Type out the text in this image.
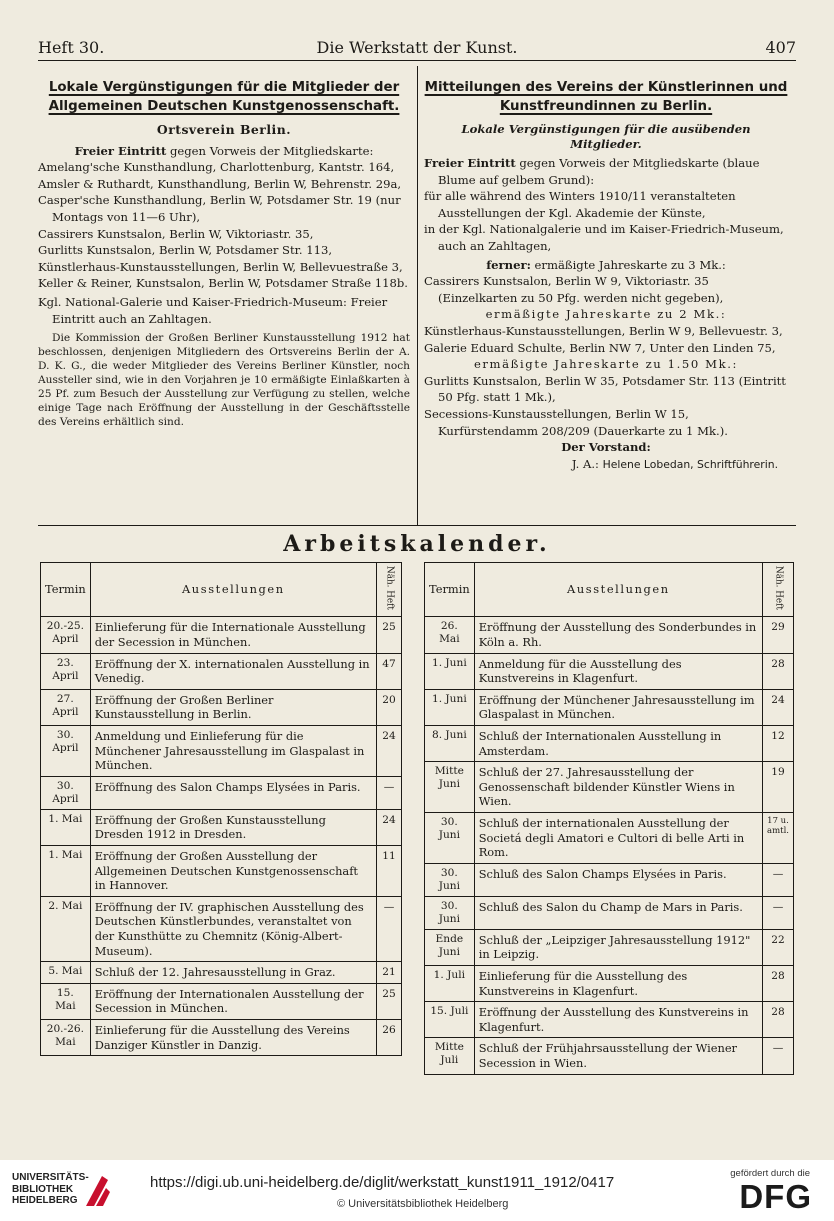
Heft 30.	Die Werkstatt der Kunst.	407

Lokale Vergünstigungen für die Mitglieder der

Allgemeinen Deutschen Kunstgenossenschaft.

Ortsverein Berlin.

Freier Eintritt gegen Vorweis der Mitgliedskarte:

Amelang'sche Kunsthandlung, Charlottenburg, Kantstr. 164,

Amsler & Ruthardt, Kunsthandlung, Berlin W, Behrenstr. 29a,

Casper'sche Kunsthandlung, Berlin W, Potsdamer Str. 19 (nur Montags von 11—6 Uhr),

Cassirers Kunstsalon, Berlin W, Viktoriastr. 35,

Gurlitts Kunstsalon, Berlin W, Potsdamer Str. 113,

Künstlerhaus-Kunstausstellungen, Berlin W, Bellevuestraße 3,

Keller & Reiner, Kunstsalon, Berlin W, Potsdamer Straße 118b.

Kgl. National-Galerie und Kaiser-Friedrich-Museum: Freier Eintritt auch an Zahltagen.

Die Kommission der Großen Berliner Kunstausstellung 1912 hat beschlossen, denjenigen Mitgliedern des Ortsvereins Berlin der A. D. K. G., die weder Mitglieder des Vereins Berliner Künstler, noch Aussteller sind, wie in den Vorjahren je 10 ermäßigte Einlaßkarten à 25 Pf. zum Besuch der Ausstellung zur Verfügung zu stellen, welche einige Tage nach Eröffnung der Ausstellung in der Geschäftsstelle des Vereins erhältlich sind.

Mitteilungen des Vereins der Künstlerinnen und

Kunstfreundinnen zu Berlin.

Lokale Vergünstigungen für die ausübenden Mitglieder.

Freier Eintritt gegen Vorweis der Mitgliedskarte (blaue Blume auf gelbem Grund):

für alle während des Winters 1910/11 veranstalteten Ausstellungen der Kgl. Akademie der Künste,

in der Kgl. Nationalgalerie und im Kaiser-Friedrich-Museum, auch an Zahltagen,

ferner: ermäßigte Jahreskarte zu 3 Mk.:

Cassirers Kunstsalon, Berlin W 9, Viktoriastr. 35 (Einzelkarten zu 50 Pfg. werden nicht gegeben),

ermäßigte Jahreskarte zu 2 Mk.:

Künstlerhaus-Kunstausstellungen, Berlin W 9, Bellevuestr. 3,

Galerie Eduard Schulte, Berlin NW 7, Unter den Linden 75,

ermäßigte Jahreskarte zu 1.50 Mk.:

Gurlitts Kunstsalon, Berlin W 35, Potsdamer Str. 113 (Eintritt 50 Pfg. statt 1 Mk.),

Secessions-Kunstausstellungen, Berlin W 15, Kurfürstendamm 208/209 (Dauerkarte zu 1 Mk.).

Der Vorstand:

J. A.: Helene Lobedan, Schriftführerin.

Arbeitskalender.
Termin	Ausstellungen	Näh. Heft
20.-25. April	Einlieferung für die Internationale Ausstellung der Secession in München.	25
23. April	Eröffnung der X. internationalen Ausstellung in Venedig.	47
27. April	Eröffnung der Großen Berliner Kunstausstellung in Berlin.	20
30. April	Anmeldung und Einlieferung für die Münchener Jahresausstellung im Glaspalast in München.	24
30. April	Eröffnung des Salon Champs Elysées in Paris.	—
1. Mai	Eröffnung der Großen Kunstausstellung Dresden 1912 in Dresden.	24
1. Mai	Eröffnung der Großen Ausstellung der Allgemeinen Deutschen Kunstgenossenschaft in Hannover.	11
2. Mai	Eröffnung der IV. graphischen Ausstellung des Deutschen Künstlerbundes, veranstaltet von der Kunsthütte zu Chemnitz (König-Albert-Museum).	—
5. Mai	Schluß der 12. Jahresausstellung in Graz.	21
15. Mai	Eröffnung der Internationalen Ausstellung der Secession in München.	25
20.-26. Mai	Einlieferung für die Ausstellung des Vereins Danziger Künstler in Danzig.	26
Termin	Ausstellungen	Näh. Heft
26. Mai	Eröffnung der Ausstellung des Sonderbundes in Köln a. Rh.	29
1. Juni	Anmeldung für die Ausstellung des Kunstvereins in Klagenfurt.	28
1. Juni	Eröffnung der Münchener Jahresausstellung im Glaspalast in München.	24
8. Juni	Schluß der Internationalen Ausstellung in Amsterdam.	12
Mitte Juni	Schluß der 27. Jahresausstellung der Genossenschaft bildender Künstler Wiens in Wien.	19
30. Juni	Schluß der internationalen Ausstellung der Societá degli Amatori e Cultori di belle Arti in Rom.	17 u. amtl.
30. Juni	Schluß des Salon Champs Elysées in Paris.	—
30. Juni	Schluß des Salon du Champ de Mars in Paris.	—
Ende Juni	Schluß der „Leipziger Jahresausstellung 1912" in Leipzig.	22
1. Juli	Einlieferung für die Ausstellung des Kunstvereins in Klagenfurt.	28
15. Juli	Eröffnung der Ausstellung des Kunstvereins in Klagenfurt.	28
Mitte Juli	Schluß der Frühjahrsausstellung der Wiener Secession in Wien.	—
UNIVERSITÄTS-
BIBLIOTHEK
HEIDELBERG
https://digi.ub.uni-heidelberg.de/diglit/werkstatt_kunst1911_1912/0417
© Universitätsbibliothek Heidelberg
gefördert durch die
DFG
